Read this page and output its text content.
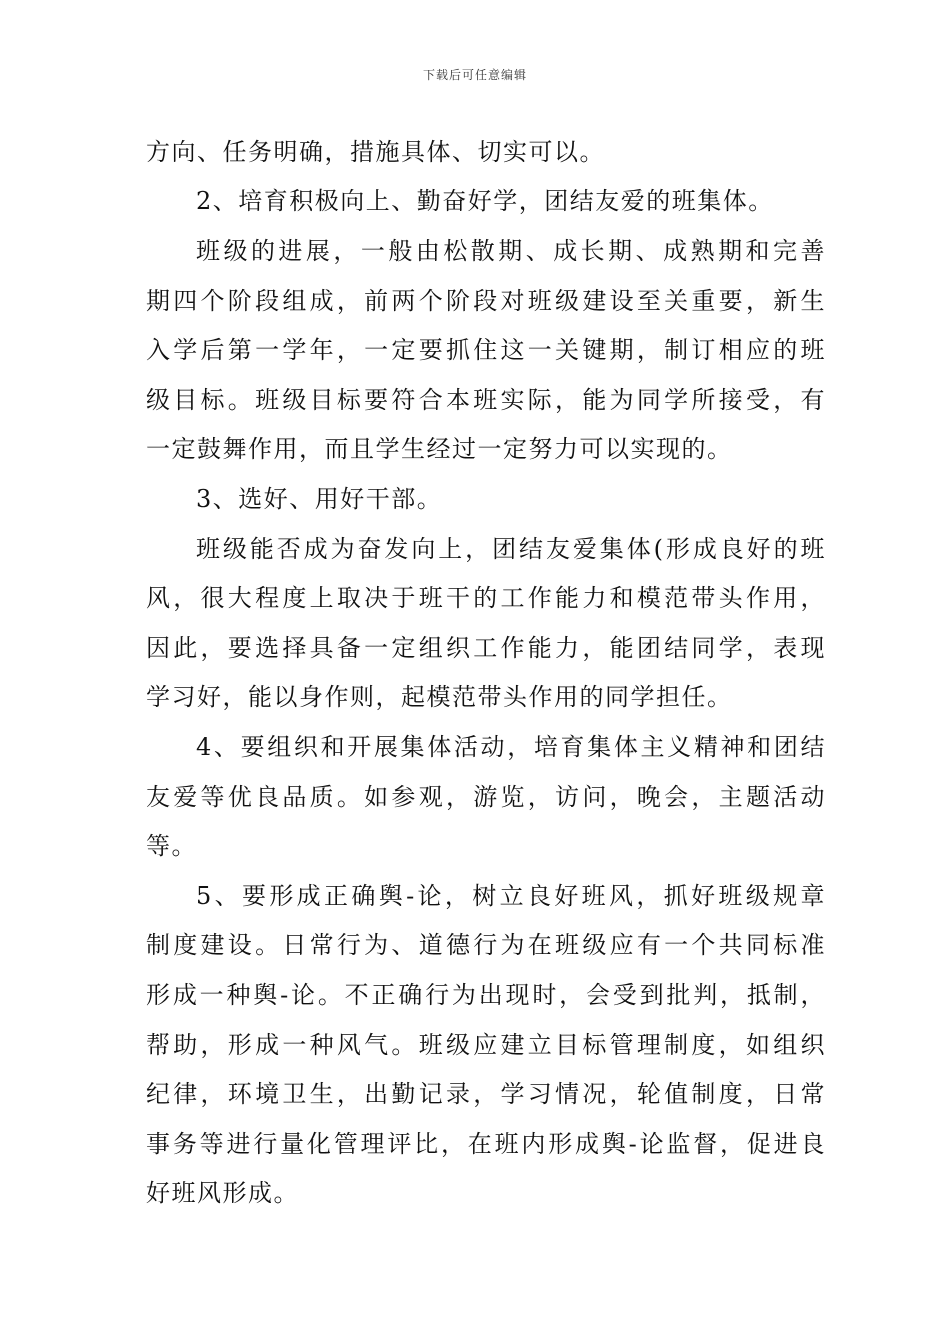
下载后可任意编辑
方向、任务明确，措施具体、切实可以。
2、培育积极向上、勤奋好学，团结友爱的班集体。
班级的进展，一般由松散期、成长期、成熟期和完善
期四个阶段组成，前两个阶段对班级建设至关重要，新生
入学后第一学年，一定要抓住这一关键期，制订相应的班
级目标。班级目标要符合本班实际，能为同学所接受，有
一定鼓舞作用，而且学生经过一定努力可以实现的。
3、选好、用好干部。
班级能否成为奋发向上，团结友爱集体(形成良好的班
风，很大程度上取决于班干的工作能力和模范带头作用，
因此，要选择具备一定组织工作能力，能团结同学，表现
学习好，能以身作则，起模范带头作用的同学担任。
4、要组织和开展集体活动，培育集体主义精神和团结
友爱等优良品质。如参观，游览，访问，晚会，主题活动
等。
5、要形成正确舆-论，树立良好班风，抓好班级规章
制度建设。日常行为、道德行为在班级应有一个共同标准
形成一种舆-论。不正确行为出现时，会受到批判，抵制，
帮助，形成一种风气。班级应建立目标管理制度，如组织
纪律，环境卫生，出勤记录，学习情况，轮值制度，日常
事务等进行量化管理评比，在班内形成舆-论监督，促进良
好班风形成。
